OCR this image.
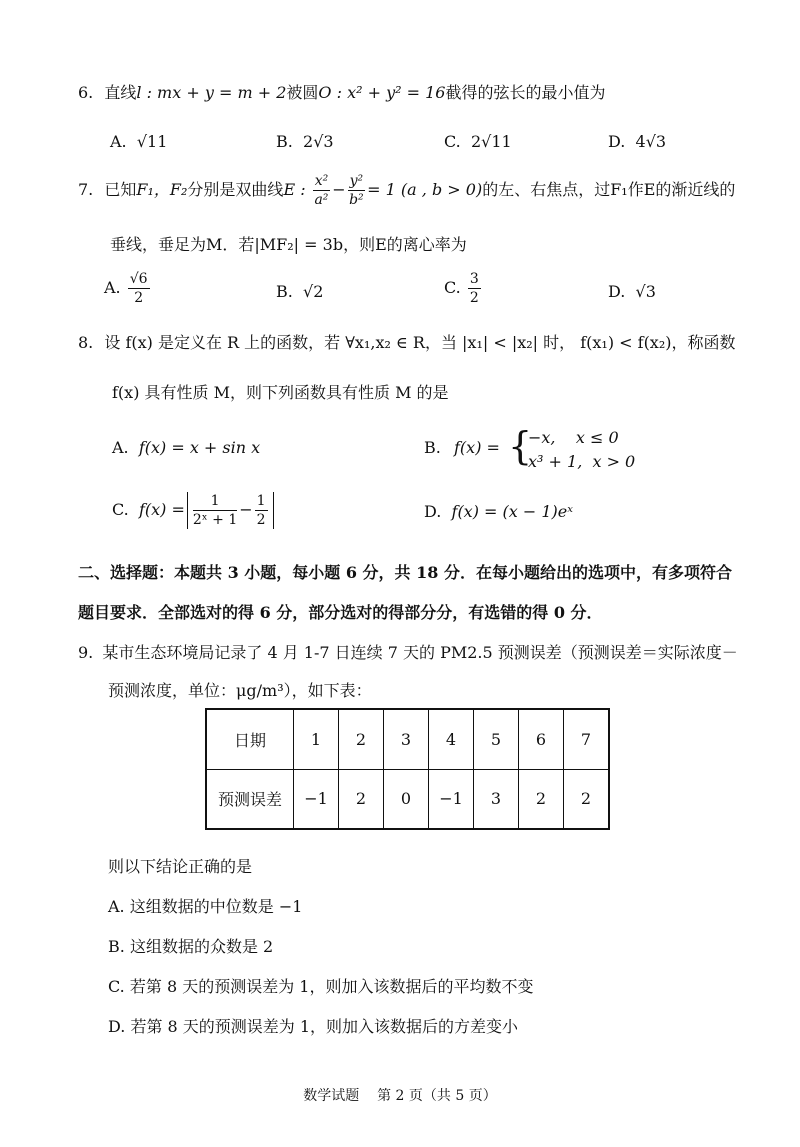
6. 直线l : mx + y = m + 2被圆O : x² + y² = 16截得的弦长的最小值为
A. √11	B. 2√3	C. 2√11	D. 4√3
7. 已知F₁，F₂分别是双曲线E : $\frac{\text{x²}}{\text{a²}} - \frac{\text{y²}}{\text{b²}} = 1$ (a , b > 0)的左、右焦点，过F₁作E的渐近线的
垂线，垂足为M．若|MF₂| = 3b，则E的离心率为
A. $\frac{√6}{2}$	B. √2	C. $\frac{3}{2}$	D. √3
8. 设 f(x) 是定义在 R 上的函数，若 ∀x₁,x₂ ∈ R，当 |x₁| < |x₂| 时， f(x₁) < f(x₂)，称函数
f(x) 具有性质 M，则下列函数具有性质 M 的是
A. f(x) = x + sin x	B. f(x) = {
−x,    x ≤ 0
x³ + 1,  x > 0
C. $f(x) = \frac{1}{\text{2ˣ + 1}} - \frac{1}{2}$	D. f(x) = (x − 1)eˣ
二、选择题：本题共 3 小题，每小题 6 分，共 18 分．在每小题给出的选项中，有多项符合
题目要求．全部选对的得 6 分，部分选对的得部分分，有选错的得 0 分．
9. 某市生态环境局记录了 4 月 1-7 日连续 7 天的 PM2.5 预测误差（预测误差＝实际浓度－
预测浓度，单位：μg/m³），如下表：
日期	1	2	3	4	5	6	7
预测误差	−1	2	0	−1	3	2	2
则以下结论正确的是
A. 这组数据的中位数是 −1
B. 这组数据的众数是 2
C. 若第 8 天的预测误差为 1，则加入该数据后的平均数不变
D. 若第 8 天的预测误差为 1，则加入该数据后的方差变小
数学试题    第 2 页（共 5 页）
